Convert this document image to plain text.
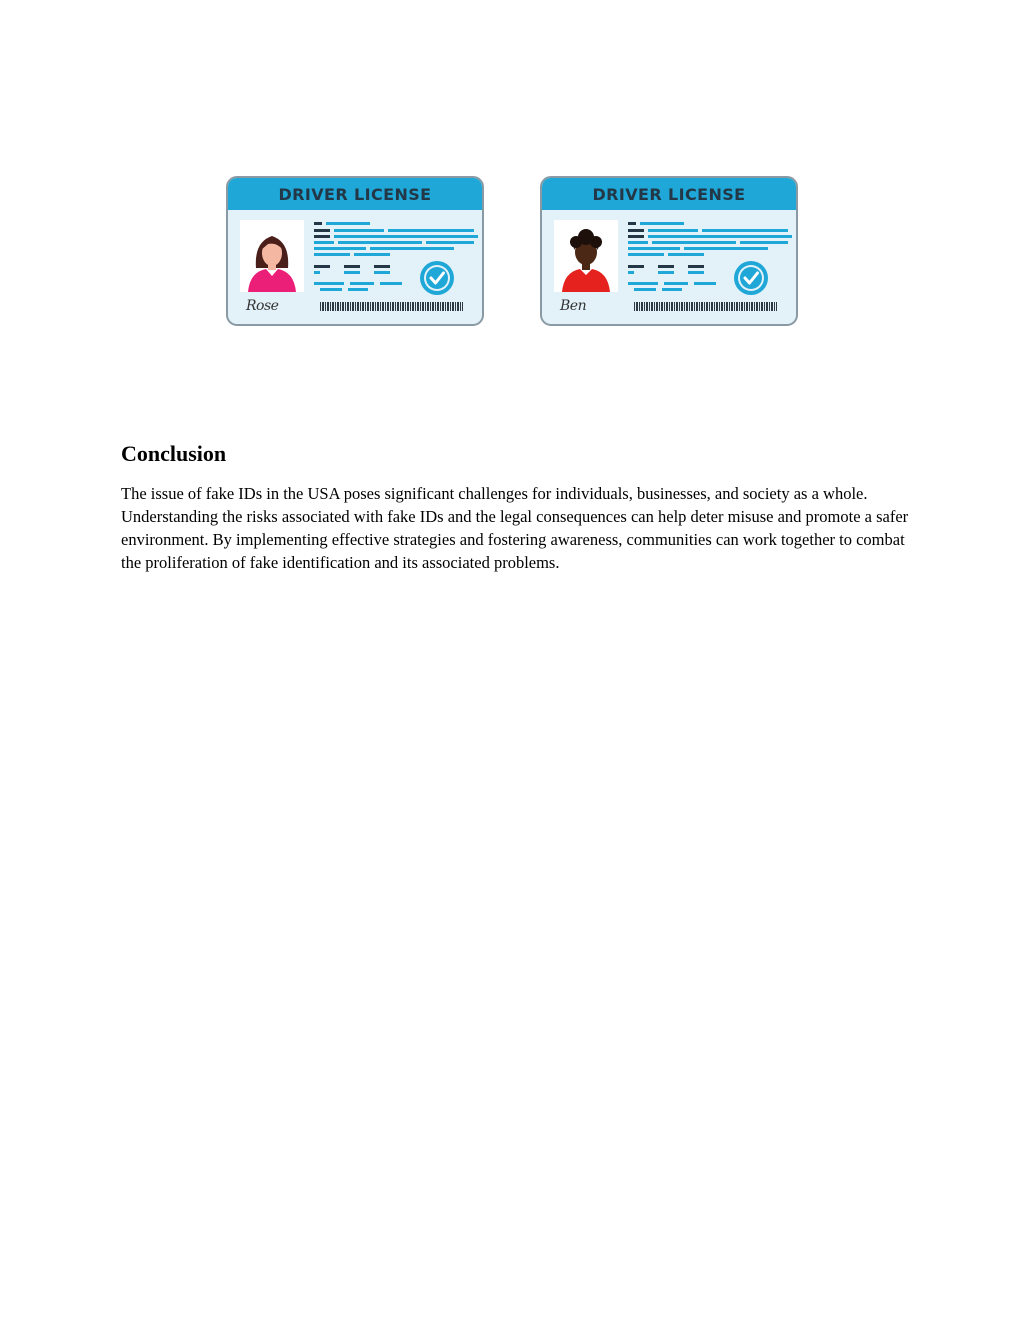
DRIVER LICENSE
Rose
DRIVER LICENSE
Ben
Conclusion

The issue of fake IDs in the USA poses significant challenges for individuals, businesses, and society as a whole. Understanding the risks associated with fake IDs and the legal consequences can help deter misuse and promote a safer environment. By implementing effective strategies and fostering awareness, communities can work together to combat the proliferation of fake identification and its associated problems.
